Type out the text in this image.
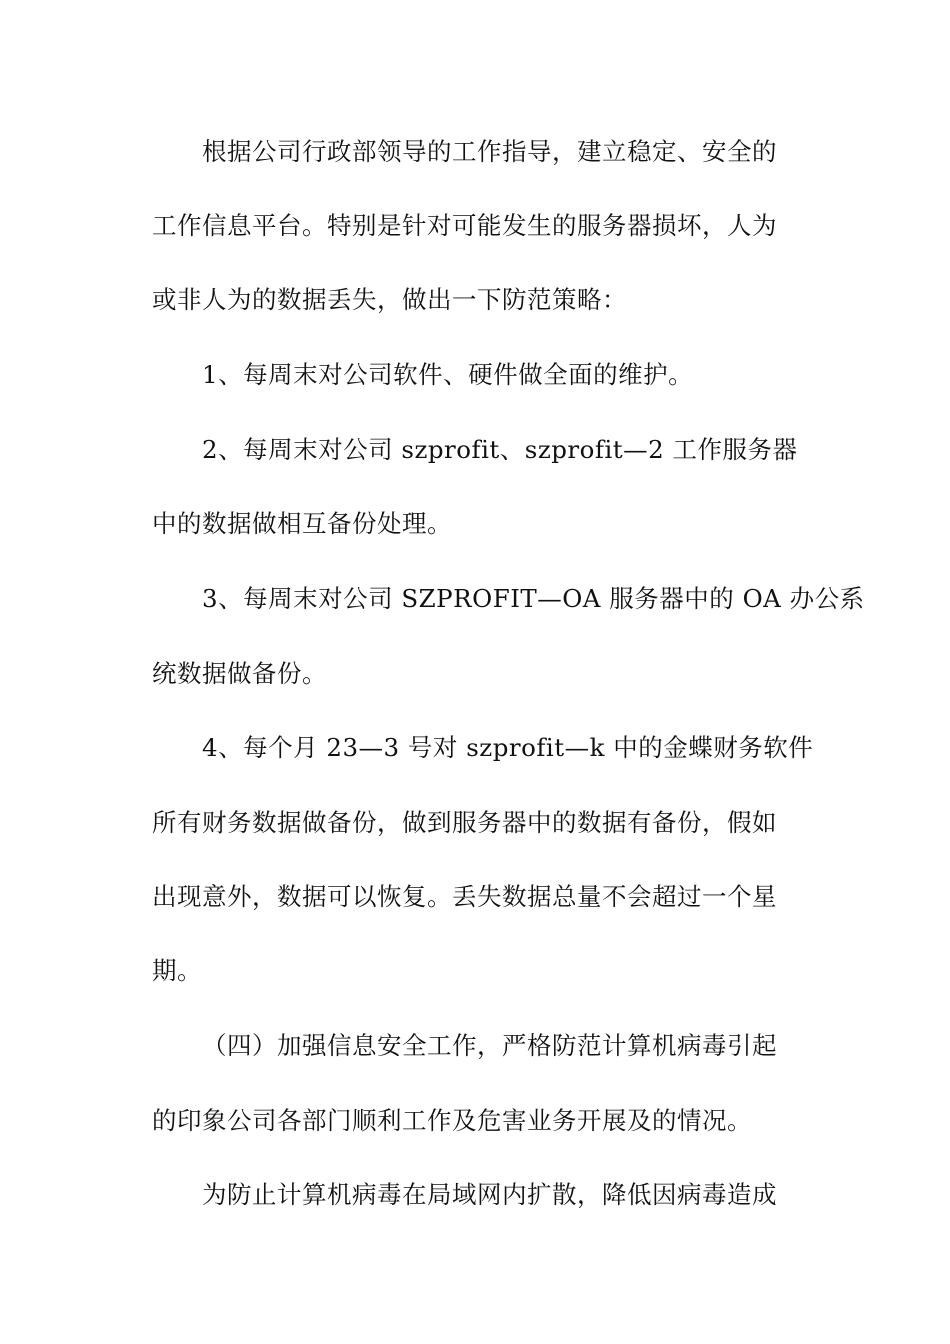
根据公司行政部领导的工作指导，建立稳定、安全的
工作信息平台。特别是针对可能发生的服务器损坏，人为
或非人为的数据丢失，做出一下防范策略：
1、每周末对公司软件、硬件做全面的维护。
2、每周末对公司 szprofit、szprofit—2 工作服务器
中的数据做相互备份处理。
3、每周末对公司 SZPROFIT—OA 服务器中的 OA 办公系
统数据做备份。
4、每个月 23—3 号对 szprofit—k 中的金蝶财务软件
所有财务数据做备份，做到服务器中的数据有备份，假如
出现意外，数据可以恢复。丢失数据总量不会超过一个星
期。
（四）加强信息安全工作，严格防范计算机病毒引起
的印象公司各部门顺利工作及危害业务开展及的情况。
为防止计算机病毒在局域网内扩散，降低因病毒造成
